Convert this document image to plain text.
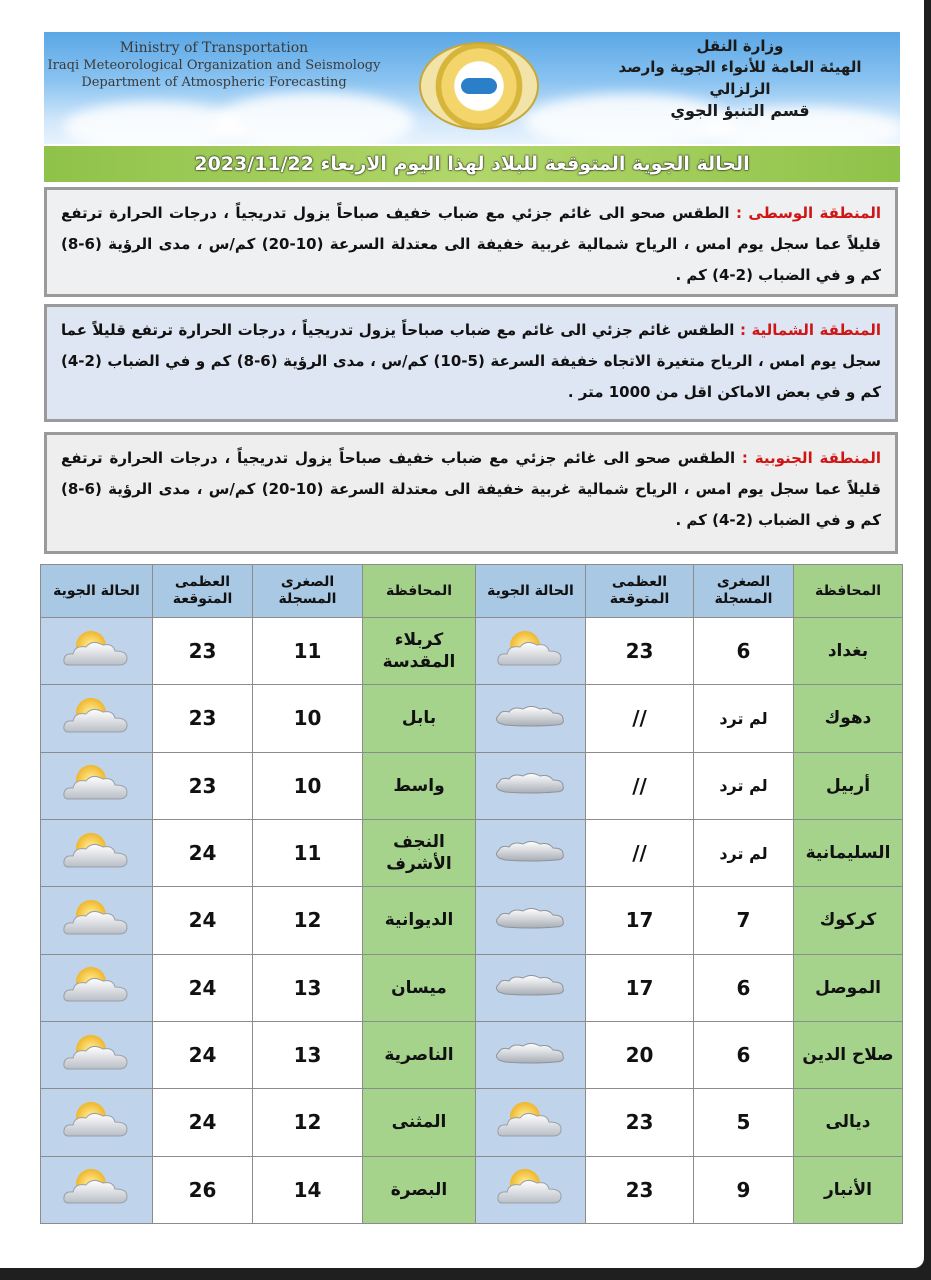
Ministry of Transportation
Iraqi Meteorological Organization and Seismology
Department of Atmospheric Forecasting
وزارة النقل
الهيئة العامة للأنواء الجوية وارصد الزلزالي
قسم التنبؤ الجوي
الحالة الجوية المتوقعة للبلاد لهذا اليوم الاربعاء 2023/11/22
المنطقة الوسطى : الطقس صحو الى غائم جزئي مع ضباب خفيف صباحاً يزول تدريجياً ، درجات الحرارة ترتفع قليلاً عما سجل يوم امس ، الرياح شمالية غربية خفيفة الى معتدلة السرعة (10-20) كم/س ، مدى الرؤية (6-8) كم و في الضباب (2-4) كم .
المنطقة الشمالية : الطقس غائم جزئي الى غائم مع ضباب صباحاً يزول تدريجياً ، درجات الحرارة ترتفع قليلاً عما سجل يوم امس ، الرياح متغيرة الاتجاه خفيفة السرعة (5-10) كم/س ، مدى الرؤية (6-8) كم و في الضباب (2-4) كم و في بعض الاماكن اقل من 1000 متر .
المنطقة الجنوبية : الطقس صحو الى غائم جزئي مع ضباب خفيف صباحاً يزول تدريجياً ، درجات الحرارة ترتفع قليلاً عما سجل يوم امس ، الرياح شمالية غربية خفيفة الى معتدلة السرعة (10-20) كم/س ، مدى الرؤية (6-8) كم و في الضباب (2-4) كم .
المحافظة	الصغرى المسجلة	العظمى المتوقعة	الحالة الجوية	المحافظة	الصغرى المسجلة	العظمى المتوقعة	الحالة الجوية
بغداد	6	23		كربلاء المقدسة	11	23	
دهوك	لم ترد	//		بابل	10	23	
أربيل	لم ترد	//		واسط	10	23	
السليمانية	لم ترد	//		النجف الأشرف	11	24	
كركوك	7	17		الديوانية	12	24	
الموصل	6	17		ميسان	13	24	
صلاح الدين	6	20		الناصرية	13	24	
ديالى	5	23		المثنى	12	24	
الأنبار	9	23		البصرة	14	26	
